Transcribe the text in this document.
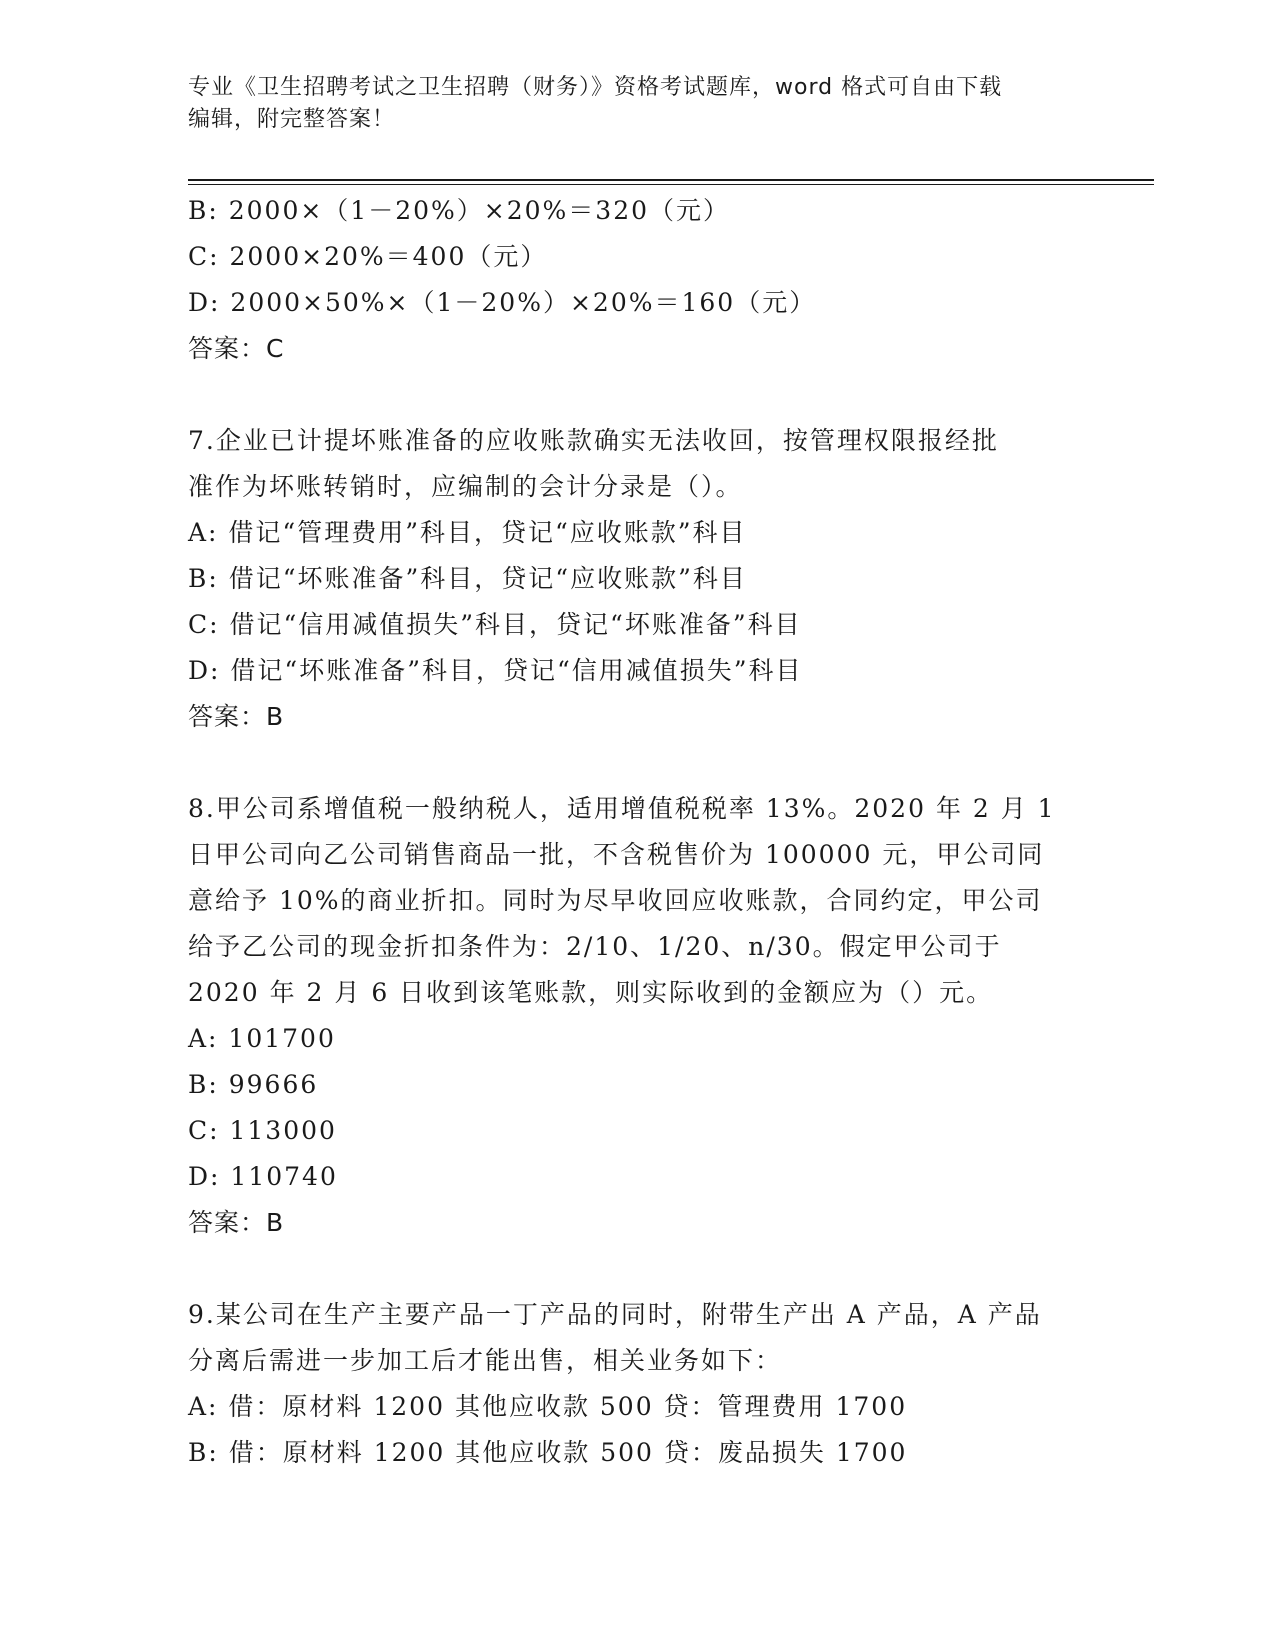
专业《卫生招聘考试之卫生招聘（财务）》资格考试题库，word 格式可自由下载
编辑，附完整答案！
B: 2000×（1－20%）×20%＝320（元）
C: 2000×20%＝400（元）
D: 2000×50%×（1－20%）×20%＝160（元）
答案：C
7.企业已计提坏账准备的应收账款确实无法收回，按管理权限报经批
准作为坏账转销时，应编制的会计分录是（）。
A: 借记“管理费用”科目，贷记“应收账款”科目
B: 借记“坏账准备”科目，贷记“应收账款”科目
C: 借记“信用减值损失”科目，贷记“坏账准备”科目
D: 借记“坏账准备”科目，贷记“信用减值损失”科目
答案：B
8.甲公司系增值税一般纳税人，适用增值税税率 13%。2020 年 2 月 1
日甲公司向乙公司销售商品一批，不含税售价为 100000 元，甲公司同
意给予 10%的商业折扣。同时为尽早收回应收账款，合同约定，甲公司
给予乙公司的现金折扣条件为：2/10、1/20、n/30。假定甲公司于
2020 年 2 月 6 日收到该笔账款，则实际收到的金额应为（）元。
A: 101700
B: 99666
C: 113000
D: 110740
答案：B
9.某公司在生产主要产品一丁产品的同时，附带生产出 A 产品，A 产品
分离后需进一步加工后才能出售，相关业务如下：
A: 借：原材料 1200 其他应收款 500 贷：管理费用 1700
B: 借：原材料 1200 其他应收款 500 贷：废品损失 1700
